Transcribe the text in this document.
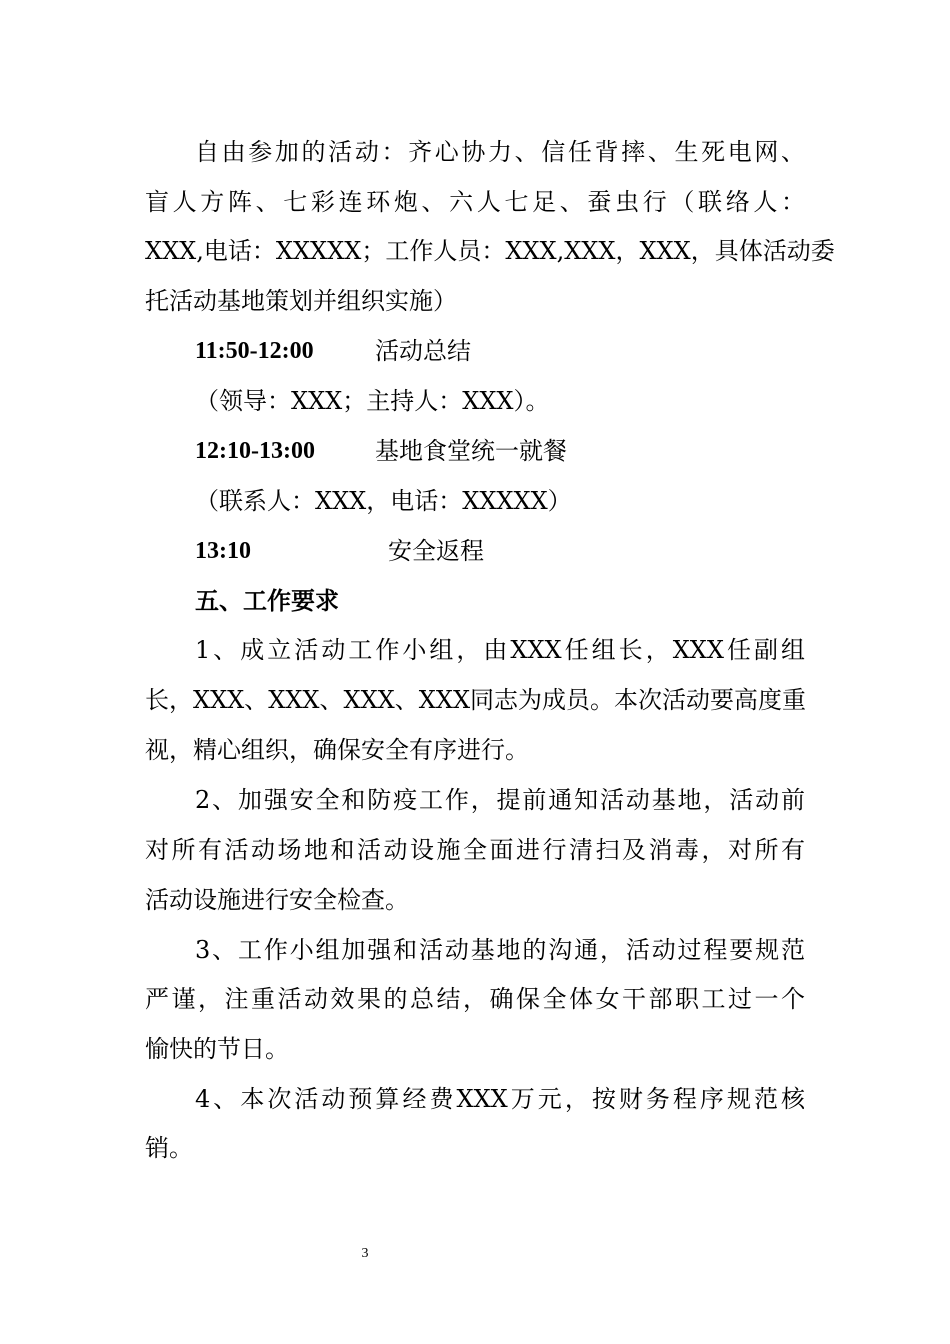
自由参加的活动：齐心协力、信任背摔、生死电网、
盲人方阵、七彩连环炮、六人七足、蚕虫行（联络人：
XXX,电话：XXXXX；工作人员：XXX,XXX，XXX，具体活动委
托活动基地策划并组织实施）
11:50-12:00	活动总结
（领导：XXX；主持人：XXX）。
12:10-13:00	基地食堂统一就餐
（联系人：XXX，电话：XXXXX）
13:10	安全返程
五、工作要求
1、成立活动工作小组，由XXX任组长，XXX任副组
长，XXX、XXX、XXX、XXX同志为成员。本次活动要高度重
视，精心组织，确保安全有序进行。
2、加强安全和防疫工作，提前通知活动基地，活动前
对所有活动场地和活动设施全面进行清扫及消毒，对所有
活动设施进行安全检查。
3、工作小组加强和活动基地的沟通，活动过程要规范
严谨，注重活动效果的总结，确保全体女干部职工过一个
愉快的节日。
4、本次活动预算经费XXX万元，按财务程序规范核
销。
3
